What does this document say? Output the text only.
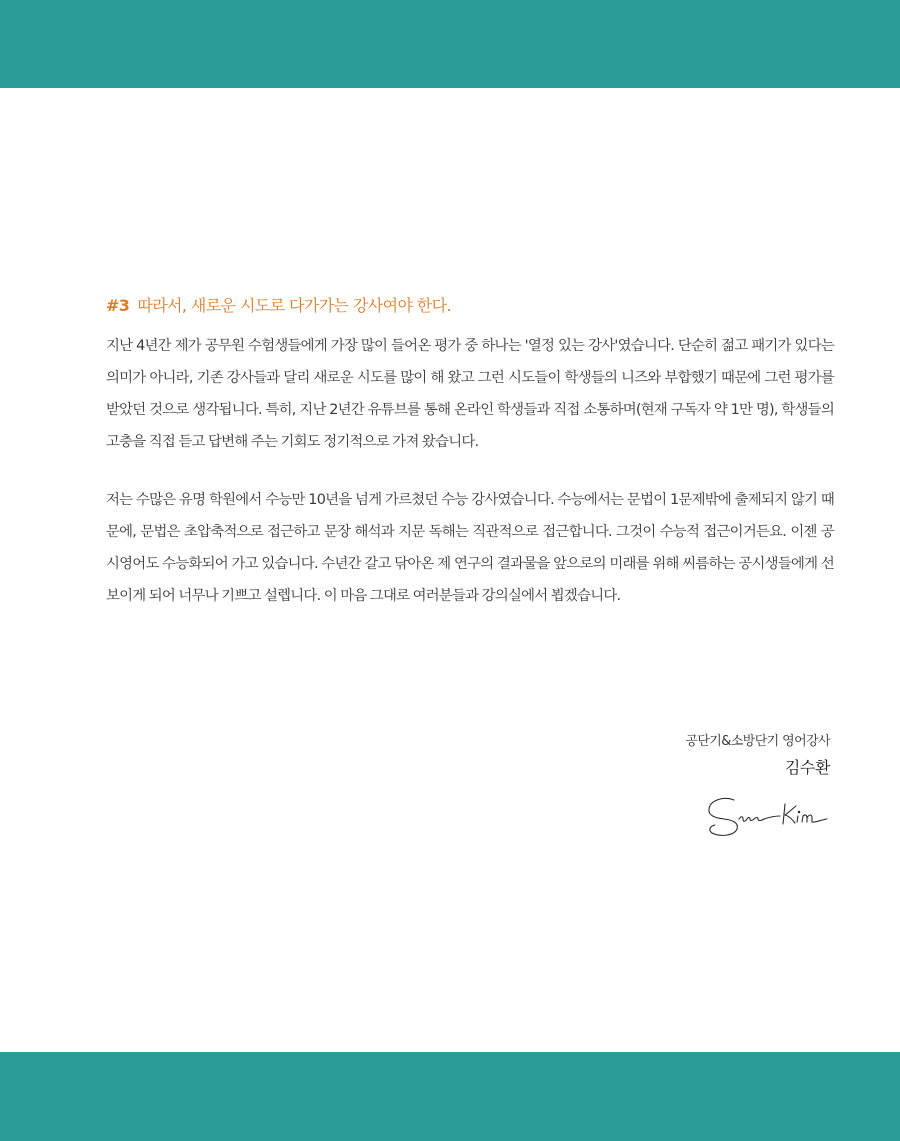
#3 따라서, 새로운 시도로 다가가는 강사여야 한다.

지난 4년간 제가 공무원 수험생들에게 가장 많이 들어온 평가 중 하나는 '열정 있는 강사'였습니다. 단순히 젊고 패기가 있다는 의미가 아니라, 기존 강사들과 달리 새로운 시도를 많이 해 왔고 그런 시도들이 학생들의 니즈와 부합했기 때문에 그런 평가를 받았던 것으로 생각됩니다. 특히, 지난 2년간 유튜브를 통해 온라인 학생들과 직접 소통하며(현재 구독자 약 1만 명), 학생들의 고충을 직접 듣고 답변해 주는 기회도 정기적으로 가져 왔습니다.

저는 수많은 유명 학원에서 수능만 10년을 넘게 가르쳤던 수능 강사였습니다. 수능에서는 문법이 1문제밖에 출제되지 않기 때문에, 문법은 초압축적으로 접근하고 문장 해석과 지문 독해는 직관적으로 접근합니다. 그것이 수능적 접근이거든요. 이젠 공시영어도 수능화되어 가고 있습니다. 수년간 갈고 닦아온 제 연구의 결과물을 앞으로의 미래를 위해 씨름하는 공시생들에게 선보이게 되어 너무나 기쁘고 설렙니다. 이 마음 그대로 여러분들과 강의실에서 뵙겠습니다.

공단기&소방단기 영어강사
김수환
